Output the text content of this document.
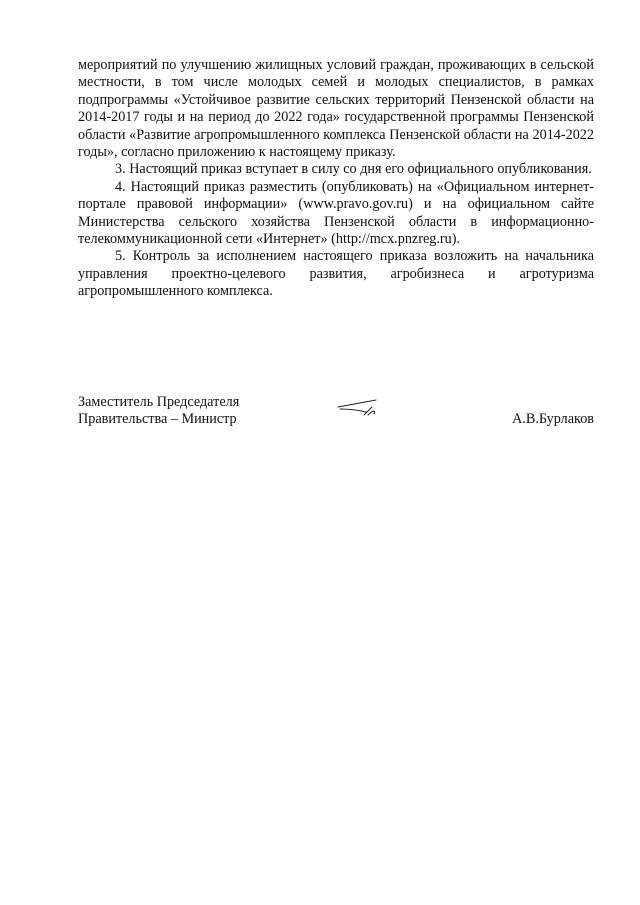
мероприятий по улучшению жилищных условий граждан, проживающих в сельской местности, в том числе молодых семей и молодых специалистов, в рамках подпрограммы «Устойчивое развитие сельских территорий Пензенской области на 2014-2017 годы и на период до 2022 года» государственной программы Пензенской области «Развитие агропромышленного комплекса Пензенской области на 2014-2022 годы», согласно приложению к настоящему приказу.

3. Настоящий приказ вступает в силу со дня его официального опубликования.

4. Настоящий приказ разместить (опубликовать) на «Официальном интернет-портале правовой информации» (www.pravo.gov.ru) и на официальном сайте Министерства сельского хозяйства Пензенской области в информационно-телекоммуникационной сети «Интернет» (http://mcx.pnzreg.ru).

5. Контроль за исполнением настоящего приказа возложить на начальника управления проектно-целевого развития, агробизнеса и агротуризма агропромышленного комплекса.

Заместитель Председателя
Правительства – Министр	А.В.Бурлаков
